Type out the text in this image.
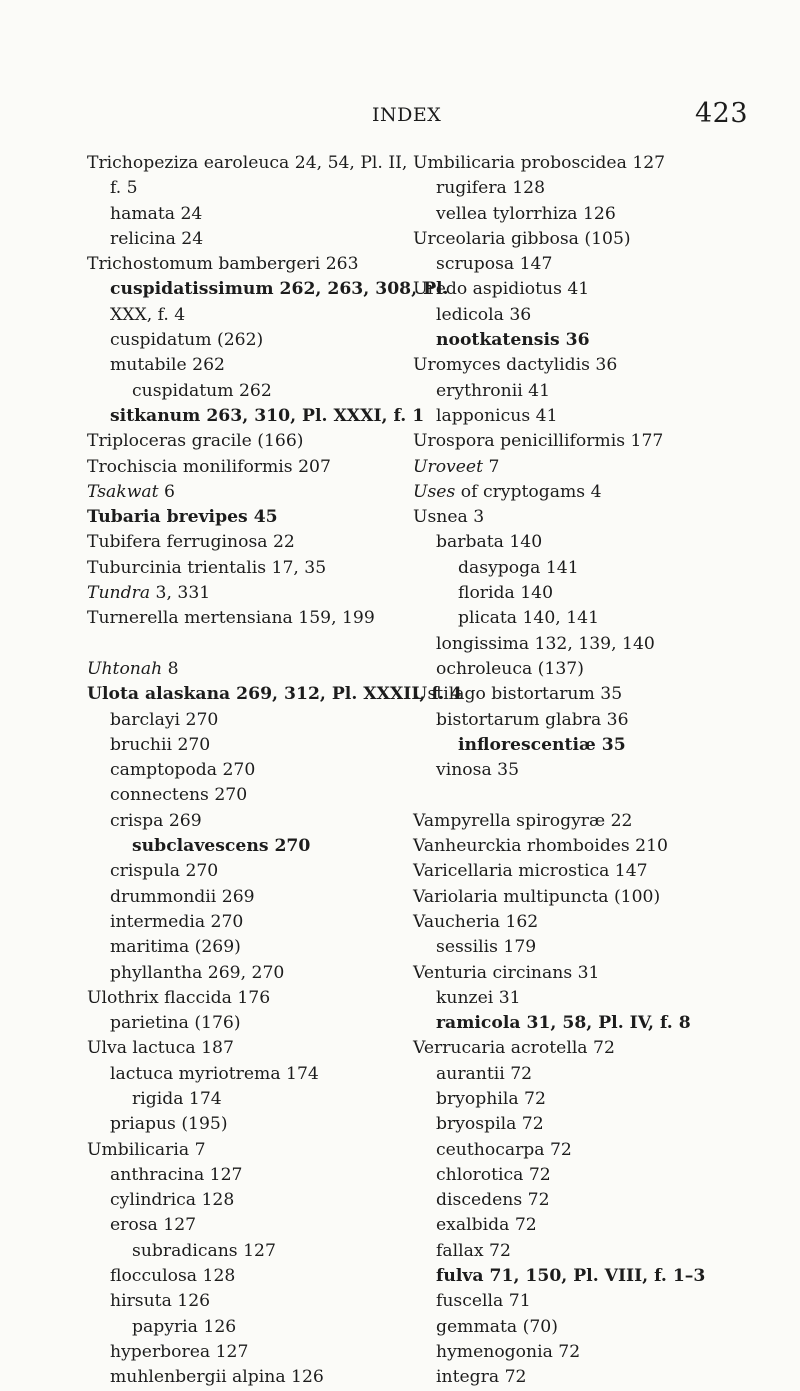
INDEX	423
Trichopeziza earoleuca 24, 54, Pl. II,
f. 5
hamata 24
relicina 24
Trichostomum bambergeri 263
cuspidatissimum 262, 263, 308, Pl.
XXX, f. 4
cuspidatum (262)
mutabile 262
cuspidatum 262
sitkanum 263, 310, Pl. XXXI, f. 1
Triploceras gracile (166)
Trochiscia moniliformis 207
Tsakwat 6
Tubaria brevipes 45
Tubifera ferruginosa 22
Tuburcinia trientalis 17, 35
Tundra 3, 331
Turnerella mertensiana 159, 199
Uhtonah 8
Ulota alaskana 269, 312, Pl. XXXII, f. 4
barclayi 270
bruchii 270
camptopoda 270
connectens 270
crispa 269
subclavescens 270
crispula 270
drummondii 269
intermedia 270
maritima (269)
phyllantha 269, 270
Ulothrix flaccida 176
parietina (176)
Ulva lactuca 187
lactuca myriotrema 174
rigida 174
priapus (195)
Umbilicaria 7
anthracina 127
cylindrica 128
erosa 127
subradicans 127
flocculosa 128
hirsuta 126
papyria 126
hyperborea 127
muhlenbergii alpina 126
Umbilicaria proboscidea 127
rugifera 128
vellea tylorrhiza 126
Urceolaria gibbosa (105)
scruposa 147
Uredo aspidiotus 41
ledicola 36
nootkatensis 36
Uromyces dactylidis 36
erythronii 41
lapponicus 41
Urospora penicilliformis 177
Uroveet 7
Uses of cryptogams 4
Usnea 3
barbata 140
dasypoga 141
florida 140
plicata 140, 141
longissima 132, 139, 140
ochroleuca (137)
Ustilago bistortarum 35
bistortarum glabra 36
inflorescentiæ 35
vinosa 35
Vampyrella spirogyræ 22
Vanheurckia rhomboides 210
Varicellaria microstica 147
Variolaria multipuncta (100)
Vaucheria 162
sessilis 179
Venturia circinans 31
kunzei 31
ramicola 31, 58, Pl. IV, f. 8
Verrucaria acrotella 72
aurantii 72
bryophila 72
bryospila 72
ceuthocarpa 72
chlorotica 72
discedens 72
exalbida 72
fallax 72
fulva 71, 150, Pl. VIII, f. 1–3
fuscella 71
gemmata (70)
hymenogonia 72
integra 72
